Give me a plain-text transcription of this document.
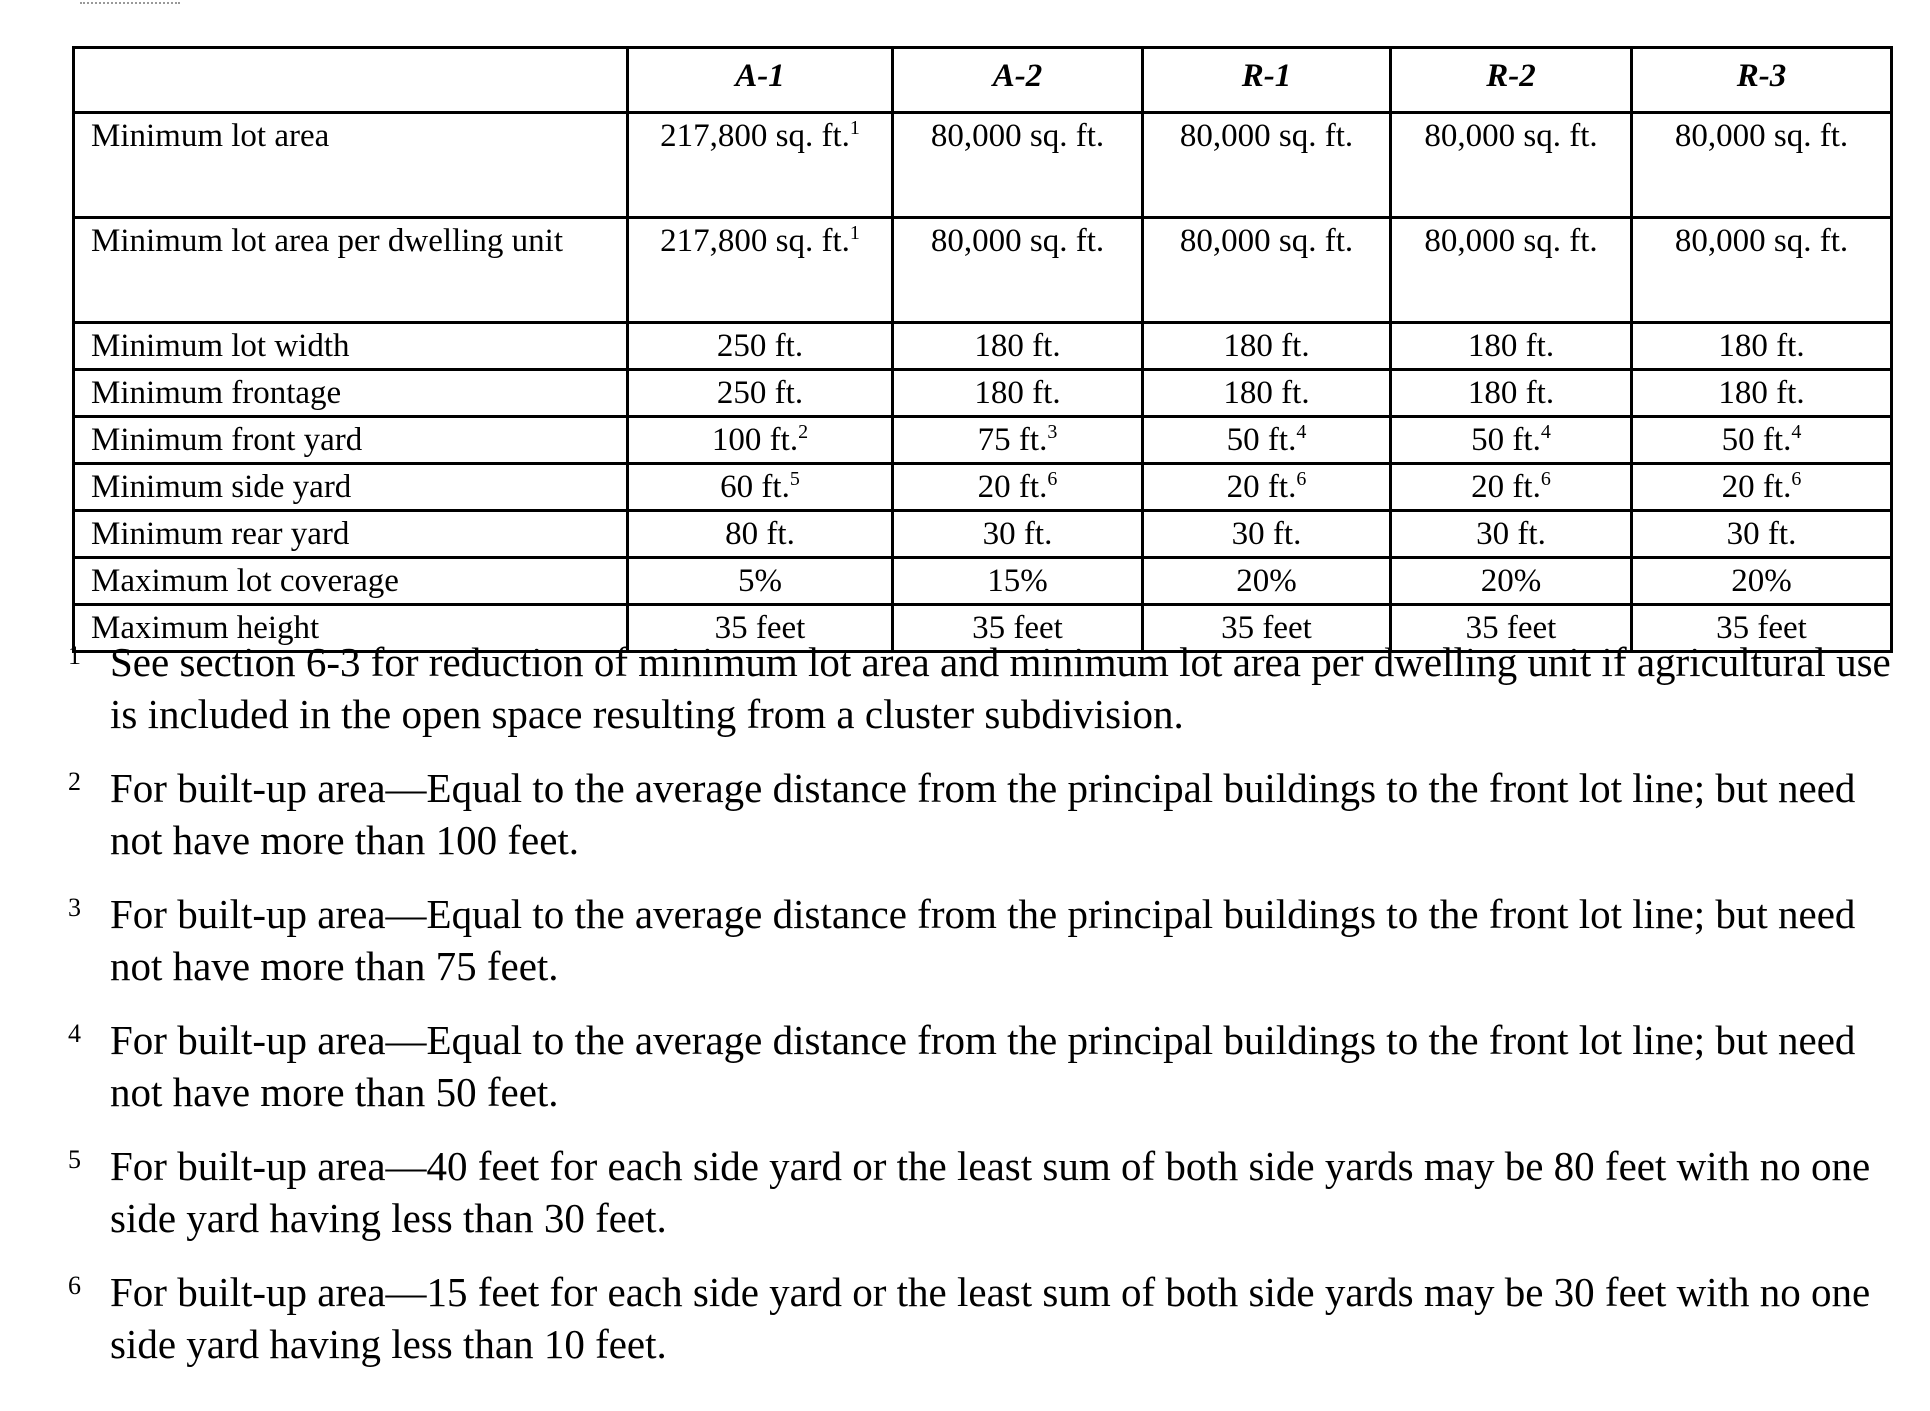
	A-1	A-2	R-1	R-2	R-3
Minimum lot area	217,800 sq. ft.$^1$	80,000 sq. ft.	80,000 sq. ft.	80,000 sq. ft.	80,000 sq. ft.
Minimum lot area per dwelling unit	217,800 sq. ft.$^1$	80,000 sq. ft.	80,000 sq. ft.	80,000 sq. ft.	80,000 sq. ft.
Minimum lot width	250 ft.	180 ft.	180 ft.	180 ft.	180 ft.
Minimum frontage	250 ft.	180 ft.	180 ft.	180 ft.	180 ft.
Minimum front yard	100 ft.$^2$	75 ft.$^3$	50 ft.$^4$	50 ft.$^4$	50 ft.$^4$
Minimum side yard	60 ft.$^5$	20 ft.$^6$	20 ft.$^6$	20 ft.$^6$	20 ft.$^6$
Minimum rear yard	80 ft.	30 ft.	30 ft.	30 ft.	30 ft.
Maximum lot coverage	5%	15%	20%	20%	20%
Maximum height	35 feet	35 feet	35 feet	35 feet	35 feet
1 See section 6-3 for reduction of minimum lot area and minimum lot area per dwelling unit if agricultural use is included in the open space resulting from a cluster subdivision.
2 For built-up area—Equal to the average distance from the principal buildings to the front lot line; but need not have more than 100 feet.
3 For built-up area—Equal to the average distance from the principal buildings to the front lot line; but need not have more than 75 feet.
4 For built-up area—Equal to the average distance from the principal buildings to the front lot line; but need not have more than 50 feet.
5 For built-up area—40 feet for each side yard or the least sum of both side yards may be 80 feet with no one side yard having less than 30 feet.
6 For built-up area—15 feet for each side yard or the least sum of both side yards may be 30 feet with no one side yard having less than 10 feet.
